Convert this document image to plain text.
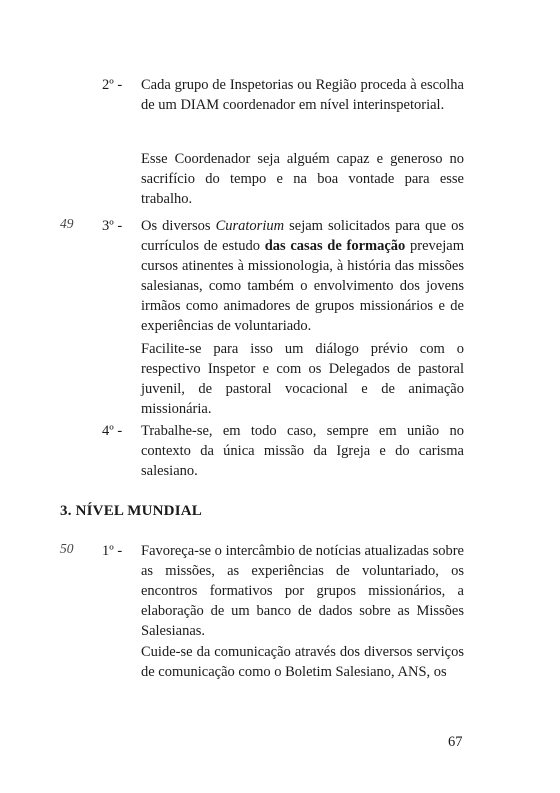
2º - Cada grupo de Inspetorias ou Região proceda à escolha de um DIAM coordenador em nível interinspetorial.

Esse Coordenador seja alguém capaz e generoso no sacrifício do tempo e na boa vontade para esse trabalho.

49 3º - Os diversos Curatorium sejam solicitados para que os currículos de estudo das casas de formação prevejam cursos atinentes à missionologia, à história das missões salesianas, como também o envolvimento dos jovens irmãos como animadores de grupos missionários e de experiências de voluntariado.

Facilite-se para isso um diálogo prévio com o respectivo Inspetor e com os Delegados de pastoral juvenil, de pastoral vocacional e de animação missionária.

4º - Trabalhe-se, em todo caso, sempre em união no contexto da única missão da Igreja e do carisma salesiano.

3. NÍVEL MUNDIAL
50 1º - Favoreça-se o intercâmbio de notícias atualizadas sobre as missões, as experiências de voluntariado, os encontros formativos por grupos missionários, a elaboração de um banco de dados sobre as Missões Salesianas.

Cuide-se da comunicação através dos diversos serviços de comunicação como o Boletim Salesiano, ANS, os

67
